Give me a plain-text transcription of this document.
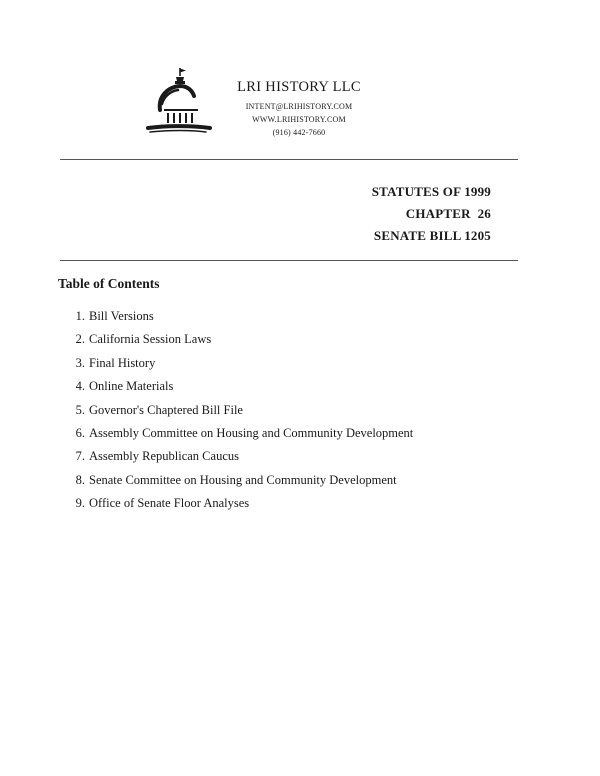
LRI HISTORY LLC
INTENT@LRIHISTORY.COM
WWW.LRIHISTORY.COM
(916) 442-7660
STATUTES OF 1999
CHAPTER  26
SENATE BILL 1205
Table of Contents
1. Bill Versions
2. California Session Laws
3. Final History
4. Online Materials
5. Governor's Chaptered Bill File
6. Assembly Committee on Housing and Community Development
7. Assembly Republican Caucus
8. Senate Committee on Housing and Community Development
9. Office of Senate Floor Analyses
